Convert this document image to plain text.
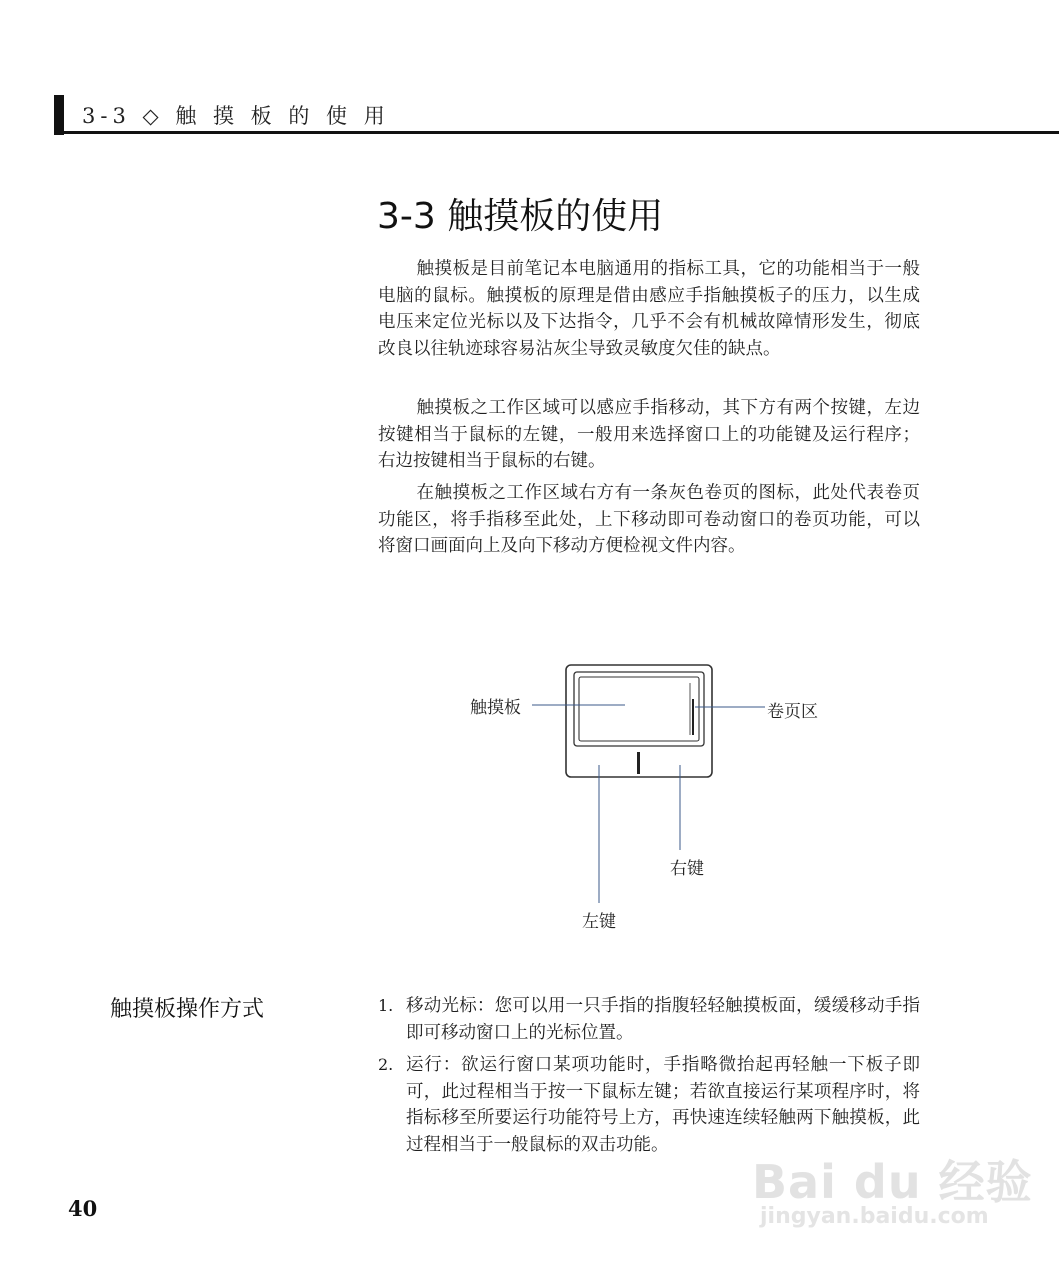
3-3 ◇ 触 摸 板 的 使 用
3-3 触摸板的使用

触摸板是目前笔记本电脑通用的指标工具，它的功能相当于一般电脑的鼠标。触摸板的原理是借由感应手指触摸板子的压力，以生成电压来定位光标以及下达指令，几乎不会有机械故障情形发生，彻底改良以往轨迹球容易沾灰尘导致灵敏度欠佳的缺点。

触摸板之工作区域可以感应手指移动，其下方有两个按键，左边按键相当于鼠标的左键，一般用来选择窗口上的功能键及运行程序；右边按键相当于鼠标的右键。

在触摸板之工作区域右方有一条灰色卷页的图标，此处代表卷页功能区，将手指移至此处，上下移动即可卷动窗口的卷页功能，可以将窗口画面向上及向下移动方便检视文件内容。

触摸板	卷页区
右键
左键
触摸板操作方式	1. 移动光标：您可以用一只手指的指腹轻轻触摸板面，缓缓移动手指即可移动窗口上的光标位置。

2. 运行：欲运行窗口某项功能时，手指略微抬起再轻触一下板子即可，此过程相当于按一下鼠标左键；若欲直接运行某项程序时，将指标移至所要运行功能符号上方，再快速连续轻触两下触摸板，此过程相当于一般鼠标的双击功能。

40	Bai du 经验
jingyan.baidu.com
